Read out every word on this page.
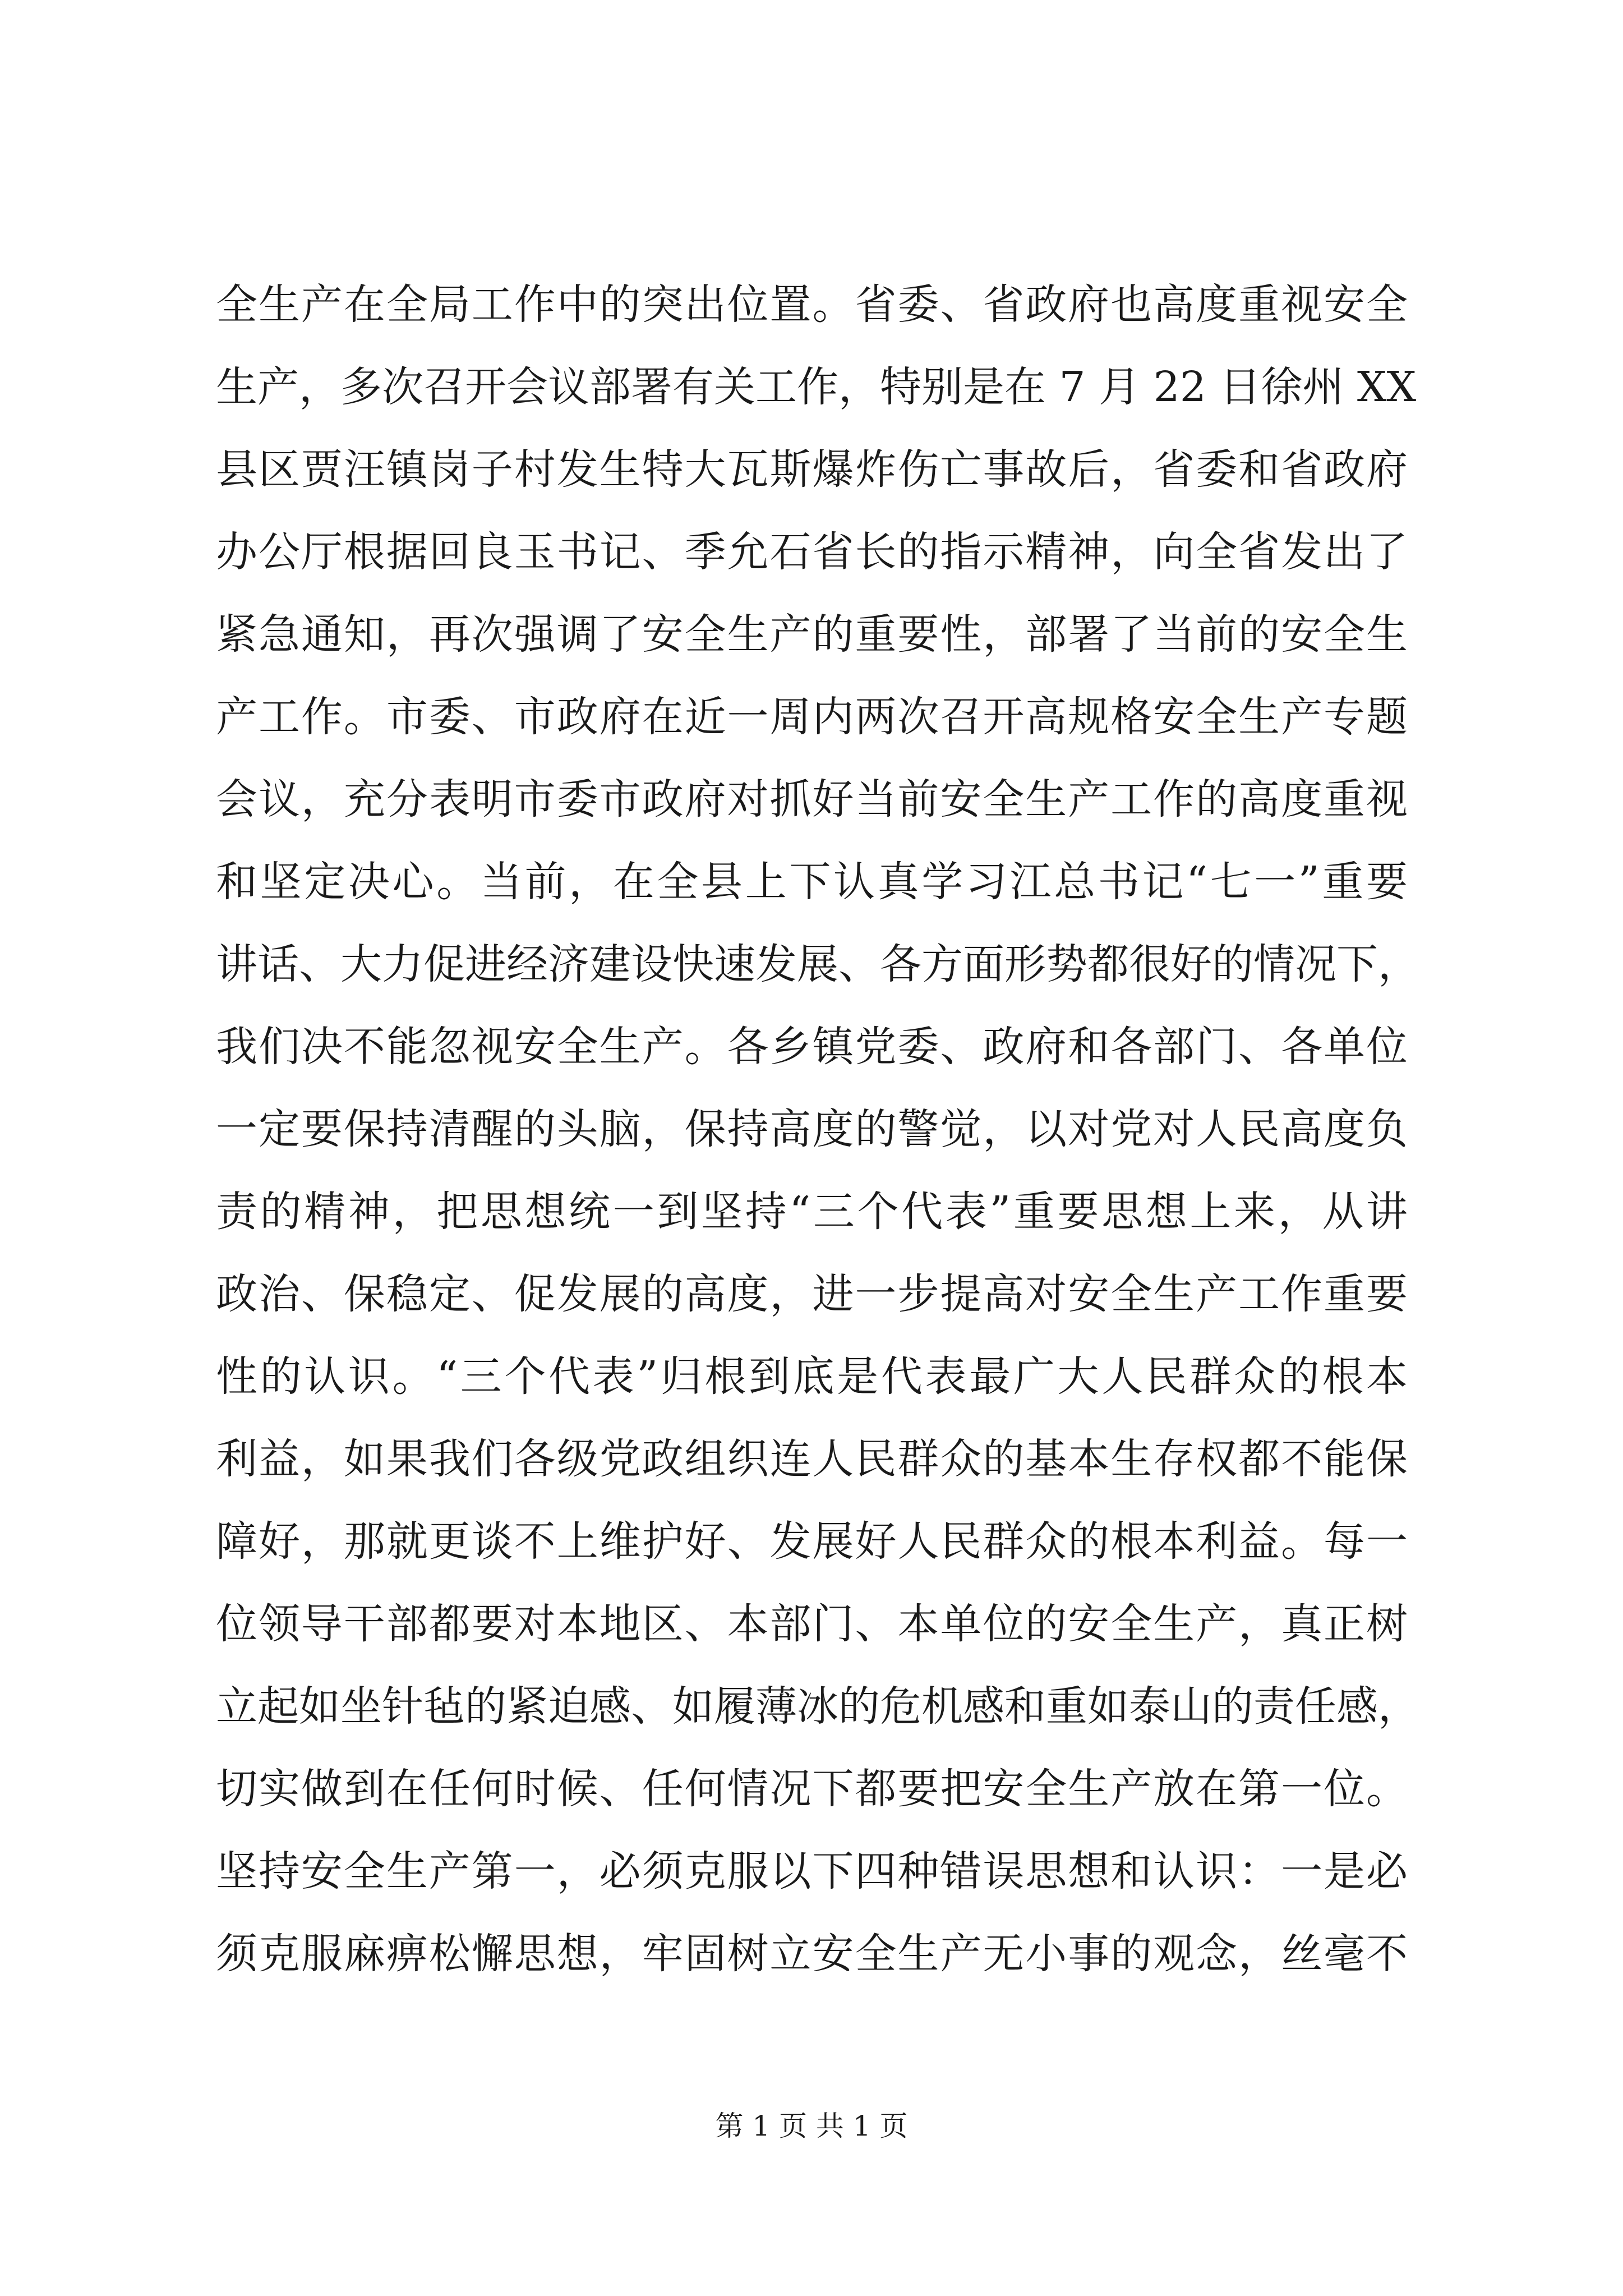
全生产在全局工作中的突出位置。省委、省政府也高度重视安全
生产，多次召开会议部署有关工作，特别是在 7 月 22 日徐州 XX
县区贾汪镇岗子村发生特大瓦斯爆炸伤亡事故后，省委和省政府
办公厅根据回良玉书记、季允石省长的指示精神，向全省发出了
紧急通知，再次强调了安全生产的重要性，部署了当前的安全生
产工作。市委、市政府在近一周内两次召开高规格安全生产专题
会议，充分表明市委市政府对抓好当前安全生产工作的高度重视
和坚定决心。当前，在全县上下认真学习江总书记“七一”重要
讲话、大力促进经济建设快速发展、各方面形势都很好的情况下，
我们决不能忽视安全生产。各乡镇党委、政府和各部门、各单位
一定要保持清醒的头脑，保持高度的警觉，以对党对人民高度负
责的精神，把思想统一到坚持“三个代表”重要思想上来，从讲
政治、保稳定、促发展的高度，进一步提高对安全生产工作重要
性的认识。“三个代表”归根到底是代表最广大人民群众的根本
利益，如果我们各级党政组织连人民群众的基本生存权都不能保
障好，那就更谈不上维护好、发展好人民群众的根本利益。每一
位领导干部都要对本地区、本部门、本单位的安全生产，真正树
立起如坐针毡的紧迫感、如履薄冰的危机感和重如泰山的责任感，
切实做到在任何时候、任何情况下都要把安全生产放在第一位。
坚持安全生产第一，必须克服以下四种错误思想和认识：一是必
须克服麻痹松懈思想，牢固树立安全生产无小事的观念，丝毫不
第 1 页 共 1 页
